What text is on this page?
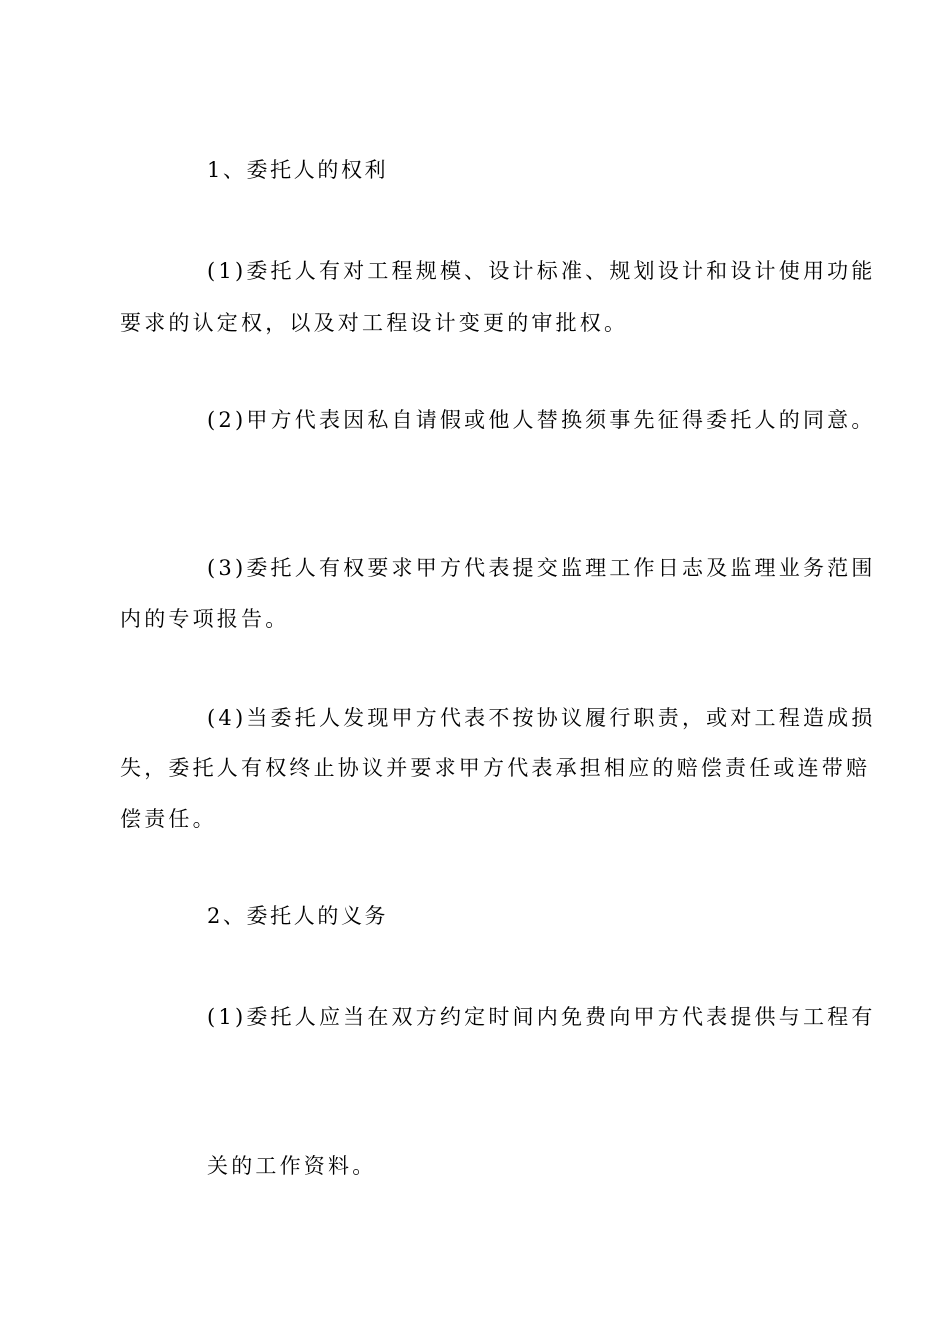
1、委托人的权利

(1)委托人有对工程规模、设计标准、规划设计和设计使用功能

要求的认定权，以及对工程设计变更的审批权。

(2)甲方代表因私自请假或他人替换须事先征得委托人的同意。

(3)委托人有权要求甲方代表提交监理工作日志及监理业务范围

内的专项报告。

(4)当委托人发现甲方代表不按协议履行职责，或对工程造成损

失，委托人有权终止协议并要求甲方代表承担相应的赔偿责任或连带赔

偿责任。

2、委托人的义务

(1)委托人应当在双方约定时间内免费向甲方代表提供与工程有

关的工作资料。
